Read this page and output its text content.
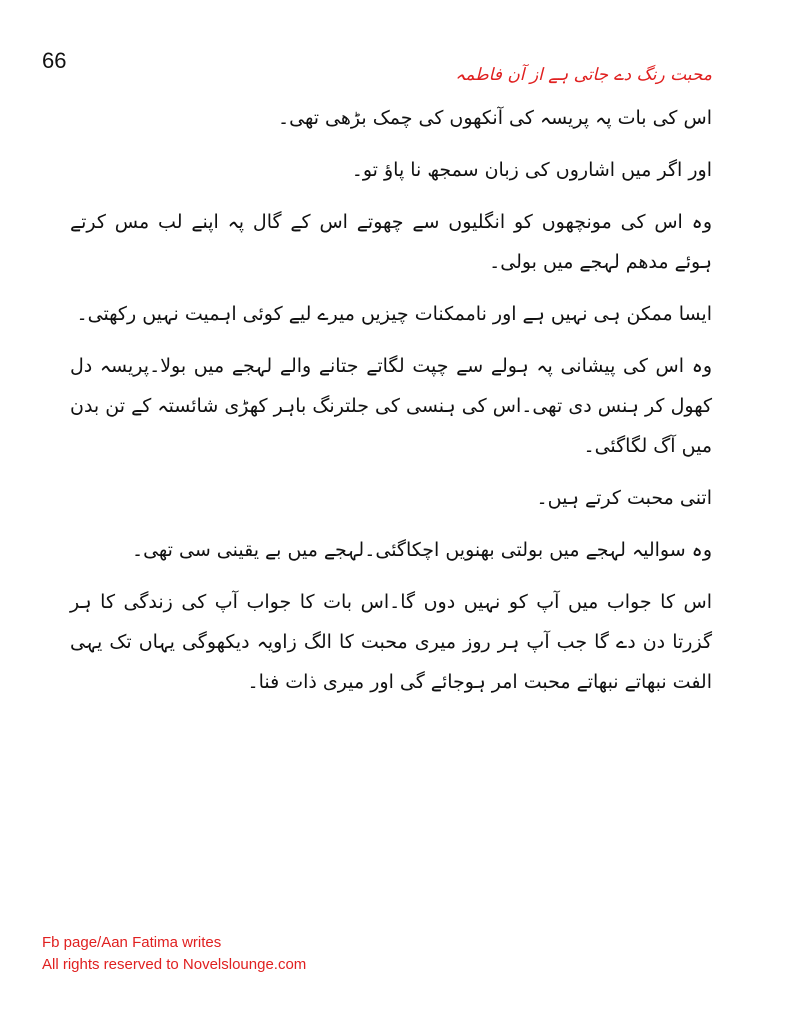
66
محبت رنگ دے جاتی ہے از آن فاطمہ

اس کی بات پہ پریسہ کی آنکھوں کی چمک بڑھی تھی۔

اور اگر میں اشاروں کی زبان سمجھ نا پاؤ تو۔

وہ اس کی مونچھوں کو انگلیوں سے چھوتے اس کے گال پہ اپنے لب مس کرتے ہوئے مدھم لہجے میں بولی۔

ایسا ممکن ہی نہیں ہے اور ناممکنات چیزیں میرے لیے کوئی اہمیت نہیں رکھتی۔

وہ اس کی پیشانی پہ ہولے سے چپت لگاتے جتانے والے لہجے میں بولا۔پریسہ دل کھول کر ہنس دی تھی۔اس کی ہنسی کی جلترنگ باہر کھڑی شائستہ کے تن بدن میں آگ لگاگئی۔

اتنی محبت کرتے ہیں۔

وہ سوالیہ لہجے میں بولتی بھنویں اچکاگئی۔لہجے میں بے یقینی سی تھی۔

اس کا جواب میں آپ کو نہیں دوں گا۔اس بات کا جواب آپ کی زندگی کا ہر گزرتا دن دے گا جب آپ ہر روز میری محبت کا الگ زاویہ دیکھوگی یہاں تک یہی الفت نبھاتے نبھاتے محبت امر ہوجائے گی اور میری ذات فنا۔

Fb page/Aan Fatima writes
All rights reserved to Novelslounge.com
